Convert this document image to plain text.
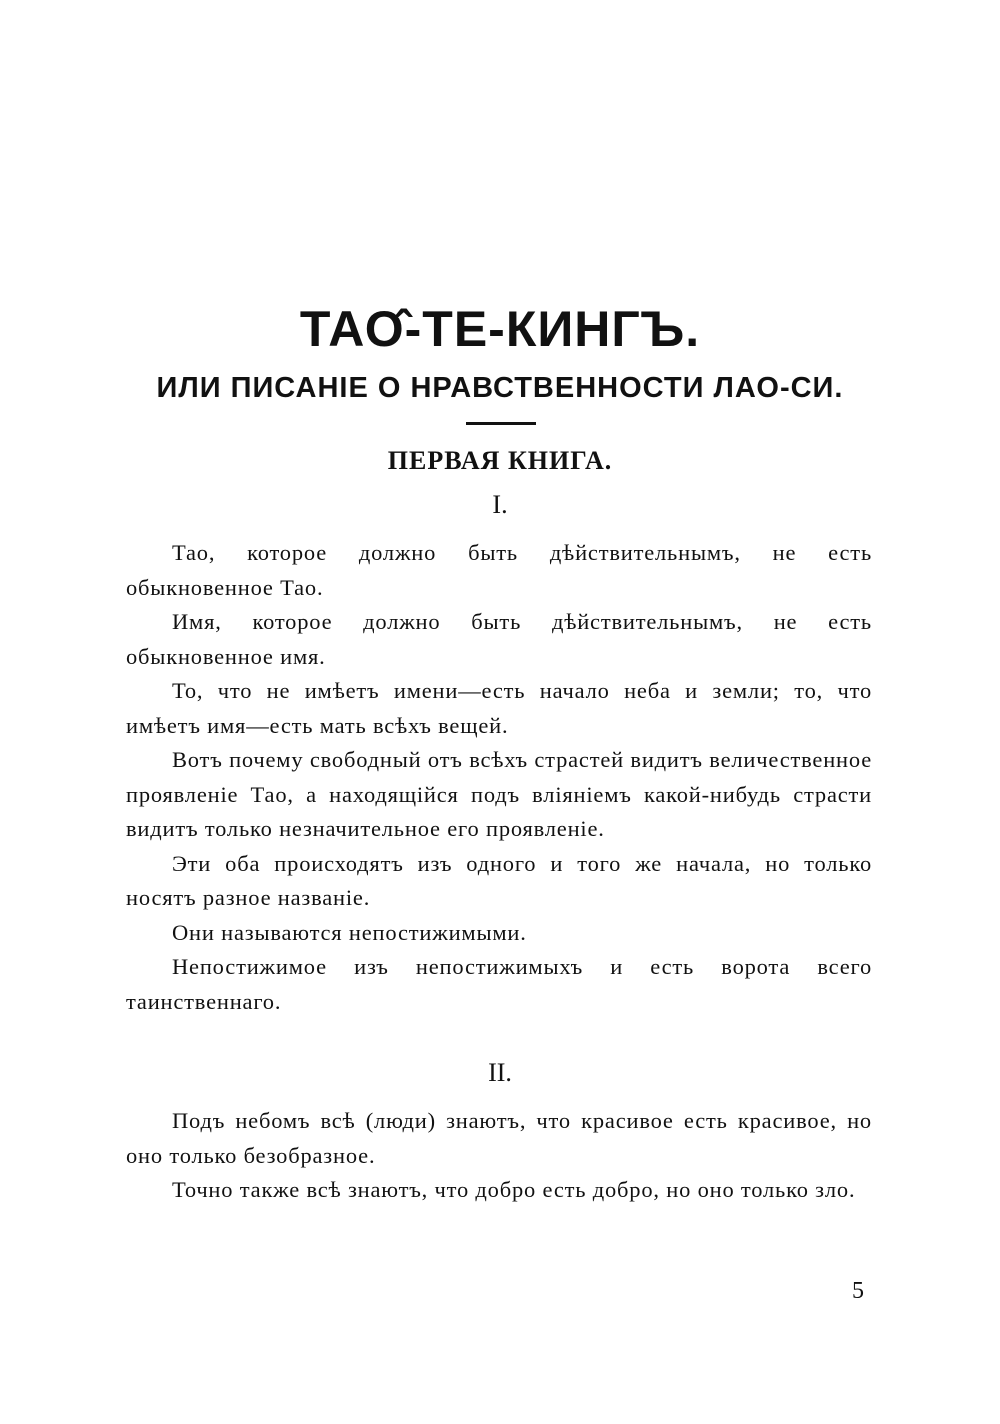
ТАО̂-ТЕ-КИНГЪ.
ИЛИ ПИСАНІЕ О НРАВСТВЕННОСТИ ЛАО-СИ.
ПЕРВАЯ КНИГА.
I.

Тао, которое должно быть дѣйствительнымъ, не есть обыкновенное Тао.

Имя, которое должно быть дѣйствительнымъ, не есть обыкновенное имя.

То, что не имѣетъ имени—есть начало неба и земли; то, что имѣетъ имя—есть мать всѣхъ вещей.

Вотъ почему свободный отъ всѣхъ страстей видитъ величественное проявленіе Тао, а находящійся подъ вліяніемъ какой-нибудь страсти видитъ только незначительное его проявленіе.

Эти оба происходятъ изъ одного и того же начала, но только носятъ разное названіе.

Они называются непостижимыми.

Непостижимое изъ непостижимыхъ и есть ворота всего таинственнаго.

II.

Подъ небомъ всѣ (люди) знаютъ, что красивое есть красивое, но оно только безобразное.

Точно также всѣ знаютъ, что добро есть добро, но оно только зло.

5
